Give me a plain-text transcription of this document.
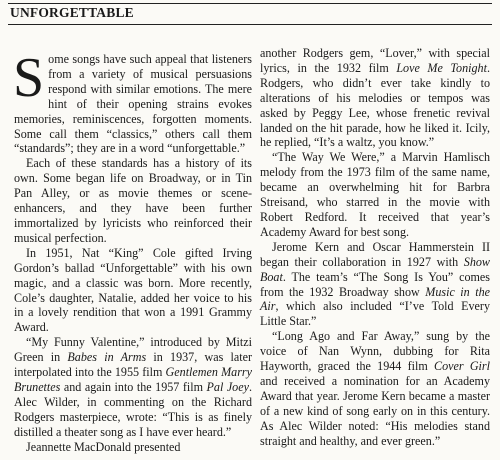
UNFORGETTABLE

Some songs have such appeal that listeners from a variety of musical persuasions respond with similar emotions. The mere hint of their opening strains evokes memories, reminiscences, forgotten moments. Some call them “classics,” others call them “standards”; they are in a word “unforgettable.”

Each of these standards has a history of its own. Some began life on Broadway, or in Tin Pan Alley, or as movie themes or scene-enhancers, and they have been further immortalized by lyricists who reinforced their musical perfection.

In 1951, Nat “King” Cole gifted Irving Gordon’s ballad “Unforgettable” with his own magic, and a classic was born. More recently, Cole’s daughter, Natalie, added her voice to his in a lovely rendition that won a 1991 Grammy Award.

“My Funny Valentine,” introduced by Mitzi Green in Babes in Arms in 1937, was later interpolated into the 1955 film Gentlemen Marry Brunettes and again into the 1957 film Pal Joey. Alec Wilder, in commenting on the Richard Rodgers masterpiece, wrote: “This is as finely distilled a theater song as I have ever heard.”

Jeannette MacDonald presented

another Rodgers gem, “Lover,” with special lyrics, in the 1932 film Love Me Tonight. Rodgers, who didn’t ever take kindly to alterations of his melodies or tempos was asked by Peggy Lee, whose frenetic revival landed on the hit parade, how he liked it. Icily, he replied, “It’s a waltz, you know.”

“The Way We Were,” a Marvin Hamlisch melody from the 1973 film of the same name, became an overwhelming hit for Barbra Streisand, who starred in the movie with Robert Redford. It received that year’s Academy Award for best song.

Jerome Kern and Oscar Hammerstein II began their collaboration in 1927 with Show Boat. The team’s “The Song Is You” comes from the 1932 Broadway show Music in the Air, which also included “I’ve Told Every Little Star.”

“Long Ago and Far Away,” sung by the voice of Nan Wynn, dubbing for Rita Hayworth, graced the 1944 film Cover Girl and received a nomination for an Academy Award that year. Jerome Kern became a master of a new kind of song early on in this century. As Alec Wilder noted: “His melodies stand straight and healthy, and ever green.”
